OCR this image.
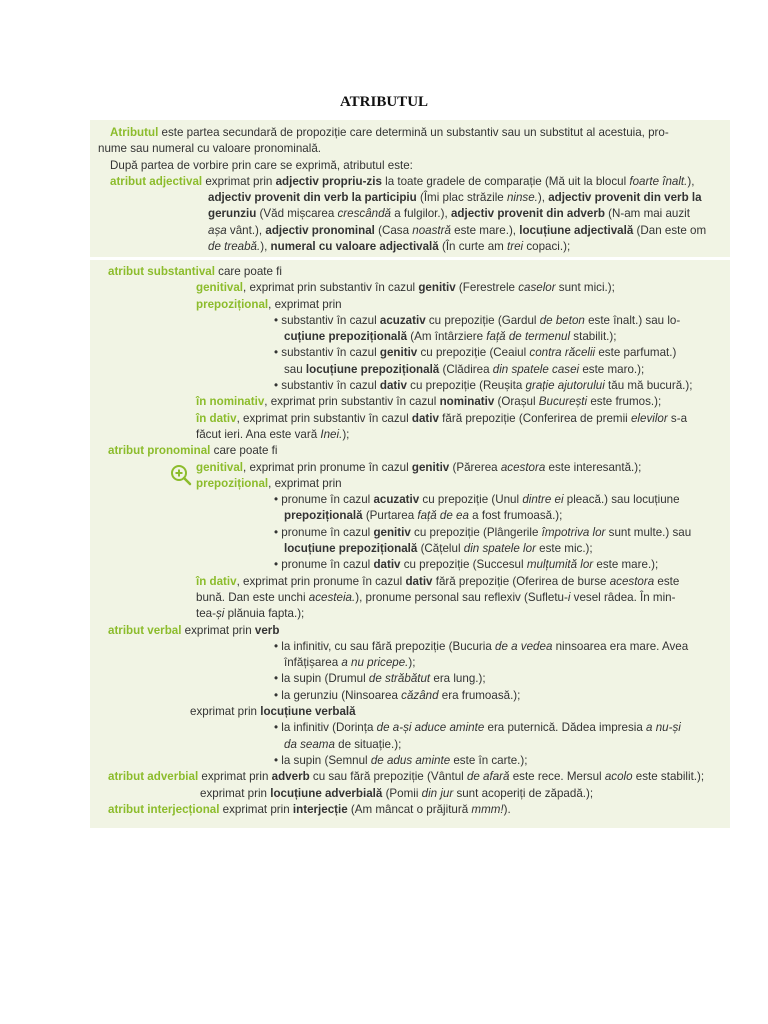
ATRIBUTUL
Atributul este partea secundară de propoziție care determină un substantiv sau un substitut al acestuia, pro-
nume sau numeral cu valoare pronominală.
După partea de vorbire prin care se exprimă, atributul este:
atribut adjectival exprimat prin adjectiv propriu-zis la toate gradele de comparație (Mă uit la blocul foarte înalt.),
adjectiv provenit din verb la participiu (Îmi plac străzile ninse.), adjectiv provenit din verb la
gerunziu (Văd mișcarea crescândă a fulgilor.), adjectiv provenit din adverb (N-am mai auzit
așa vânt.), adjectiv pronominal (Casa noastră este mare.), locuțiune adjectivală (Dan este om
de treabă.), numeral cu valoare adjectivală (În curte am trei copaci.);
atribut substantival care poate fi
genitival, exprimat prin substantiv în cazul genitiv (Ferestrele caselor sunt mici.);
prepozițional, exprimat prin
• substantiv în cazul acuzativ cu prepoziție (Gardul de beton este înalt.) sau lo-
cuțiune prepozițională (Am întârziere față de termenul stabilit.);
• substantiv în cazul genitiv cu prepoziție (Ceaiul contra răcelii este parfumat.)
sau locuțiune prepozițională (Clădirea din spatele casei este maro.);
• substantiv în cazul dativ cu prepoziție (Reușita grație ajutorului tău mă bucură.);
în nominativ, exprimat prin substantiv în cazul nominativ (Orașul București este frumos.);
în dativ, exprimat prin substantiv în cazul dativ fără prepoziție (Conferirea de premii elevilor s-a
făcut ieri. Ana este vară Inei.);
atribut pronominal care poate fi
genitival, exprimat prin pronume în cazul genitiv (Părerea acestora este interesantă.);
prepozițional, exprimat prin
• pronume în cazul acuzativ cu prepoziție (Unul dintre ei pleacă.) sau locuțiune
prepozițională (Purtarea față de ea a fost frumoasă.);
• pronume în cazul genitiv cu prepoziție (Plângerile împotriva lor sunt multe.) sau
locuțiune prepozițională (Cățelul din spatele lor este mic.);
• pronume în cazul dativ cu prepoziție (Succesul mulțumită lor este mare.);
în dativ, exprimat prin pronume în cazul dativ fără prepoziție (Oferirea de burse acestora este
bună. Dan este unchi acesteia.), pronume personal sau reflexiv (Sufletu-i vesel râdea. În min-
tea-și plănuia fapta.);
atribut verbal exprimat prin verb
• la infinitiv, cu sau fără prepoziție (Bucuria de a vedea ninsoarea era mare. Avea
înfățișarea a nu pricepe.);
• la supin (Drumul de străbătut era lung.);
• la gerunziu (Ninsoarea căzând era frumoasă.);
exprimat prin locuțiune verbală
• la infinitiv (Dorința de a-și aduce aminte era puternică. Dădea impresia a nu-și
da seama de situație.);
• la supin (Semnul de adus aminte este în carte.);
atribut adverbial exprimat prin adverb cu sau fără prepoziție (Vântul de afară este rece. Mersul acolo este stabilit.);
exprimat prin locuțiune adverbială (Pomii din jur sunt acoperiți de zăpadă.);
atribut interjecțional exprimat prin interjecție (Am mâncat o prăjitură mmm!).
